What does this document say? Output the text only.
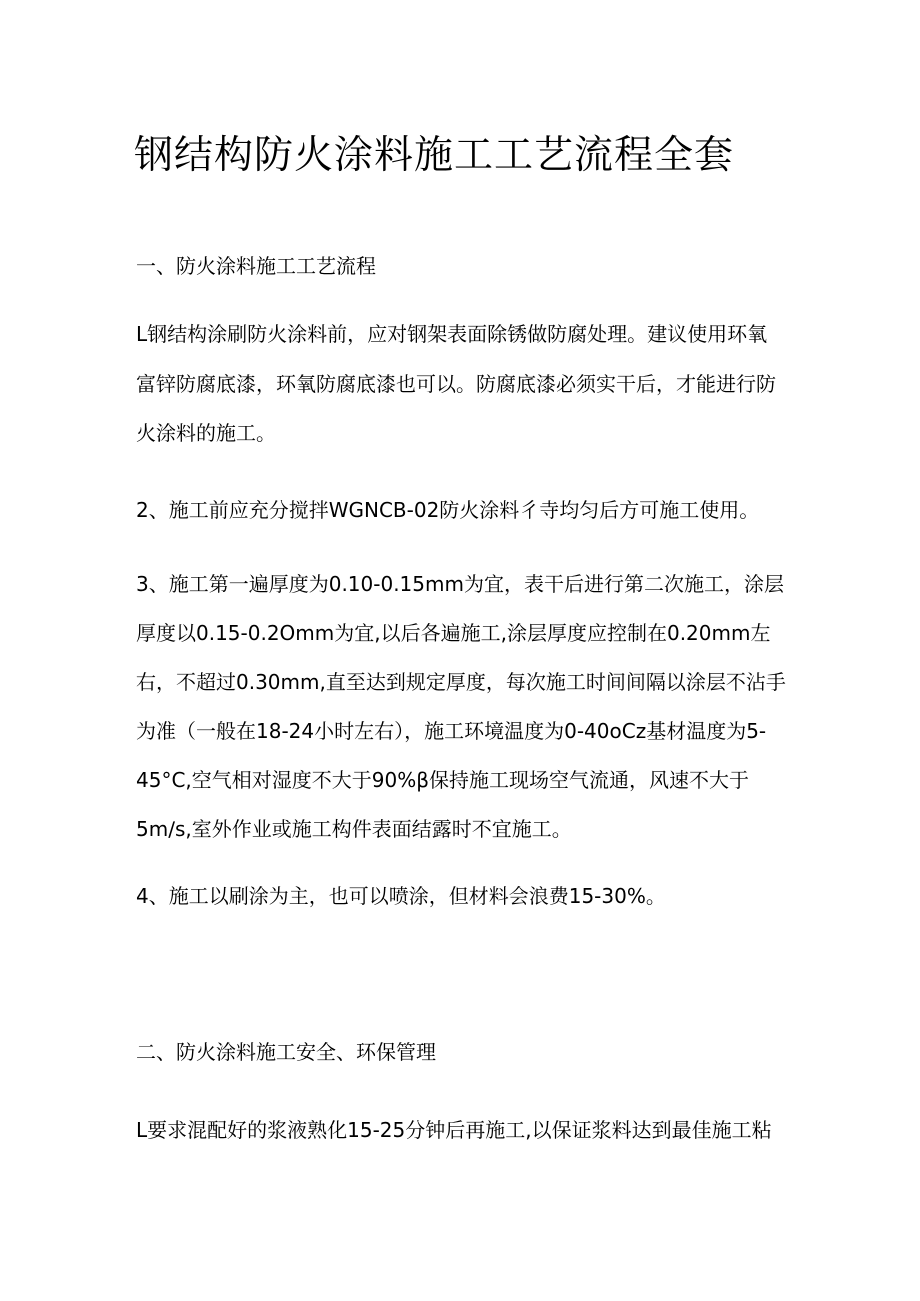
钢结构防火涂料施工工艺流程全套
一、防火涂料施工工艺流程

L钢结构涂刷防火涂料前，应对钢架表面除锈做防腐处理。建议使用环氧

富锌防腐底漆，环氧防腐底漆也可以。防腐底漆必须实干后，才能进行防

火涂料的施工。

2、施工前应充分搅拌WGNCB-02防火涂料彳寺均匀后方可施工使用。

3、施工第一遍厚度为0.10-0.15mm为宜，表干后进行第二次施工，涂层

厚度以0.15-0.2Omm为宜,以后各遍施工,涂层厚度应控制在0.20mm左

右，不超过0.30mm,直至达到规定厚度，每次施工时间间隔以涂层不沾手

为准（一般在18-24小时左右），施工环境温度为0-40oCz基材温度为5-

45°C,空气相对湿度不大于90%β保持施工现场空气流通，风速不大于

5m∕s,室外作业或施工构件表面结露时不宜施工。

4、施工以刷涂为主，也可以喷涂，但材料会浪费15-30%。

二、防火涂料施工安全、环保管理

L要求混配好的浆液熟化15-25分钟后再施工,以保证浆料达到最佳施工粘
